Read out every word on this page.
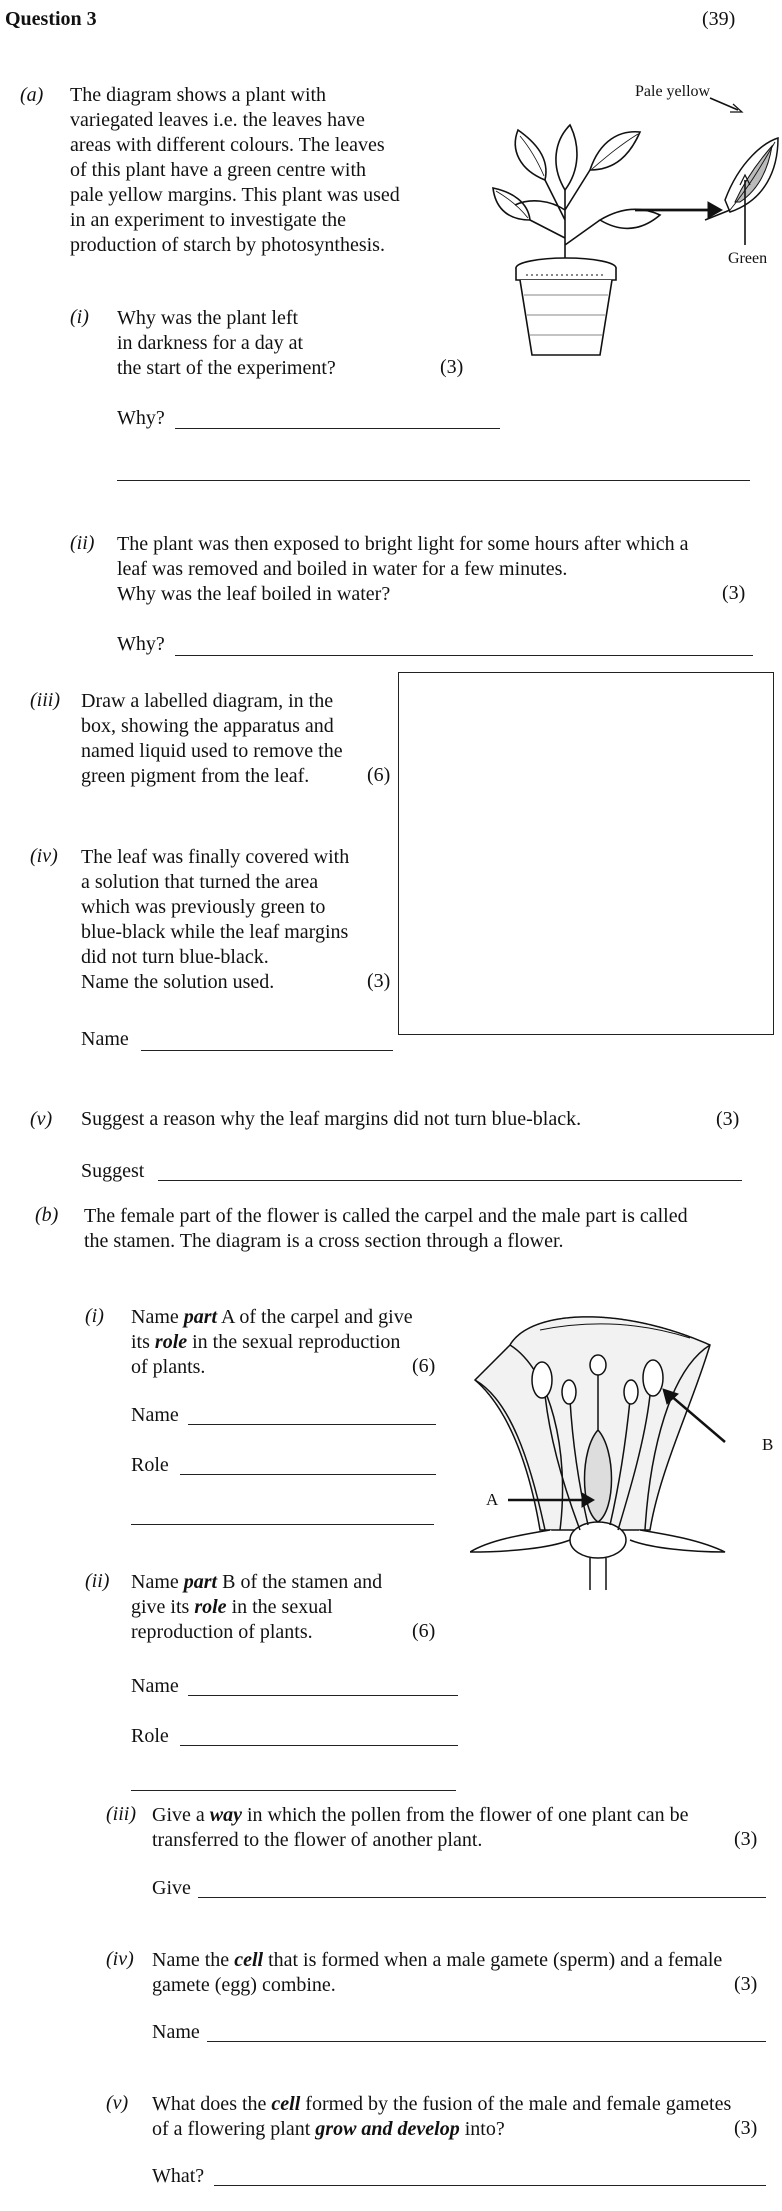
Question 3	(39)
(a) The diagram shows a plant with
variegated leaves i.e. the leaves have
areas with different colours. The leaves
of this plant have a green centre with
pale yellow margins. This plant was used
in an experiment to investigate the
production of starch by photosynthesis.
Pale yellow
Green
(i) Why was the plant left
in darkness for a day at
the start of the experiment?	(3)
Why?
(ii) The plant was then exposed to bright light for some hours after which a
leaf was removed and boiled in water for a few minutes.
Why was the leaf boiled in water?	(3)
Why?
(iii) Draw a labelled diagram, in the
box, showing the apparatus and
named liquid used to remove the
green pigment from the leaf.	(6)
(iv) The leaf was finally covered with
a solution that turned the area
which was previously green to
blue-black while the leaf margins
did not turn blue-black.
Name the solution used.	(3)
Name
(v) Suggest a reason why the leaf margins did not turn blue-black.	(3)
Suggest
(b) The female part of the flower is called the carpel and the male part is called
the stamen. The diagram is a cross section through a flower.
A
B
(i) Name part A of the carpel and give
its role in the sexual reproduction
of plants.	(6)
Name
Role
(ii) Name part B of the stamen and
give its role in the sexual
reproduction of plants.	(6)
Name
Role
(iii) Give a way in which the pollen from the flower of one plant can be
transferred to the flower of another plant.	(3)
Give
(iv) Name the cell that is formed when a male gamete (sperm) and a female
gamete (egg) combine.	(3)
Name
(v) What does the cell formed by the fusion of the male and female gametes
of a flowering plant grow and develop into?	(3)
What?
